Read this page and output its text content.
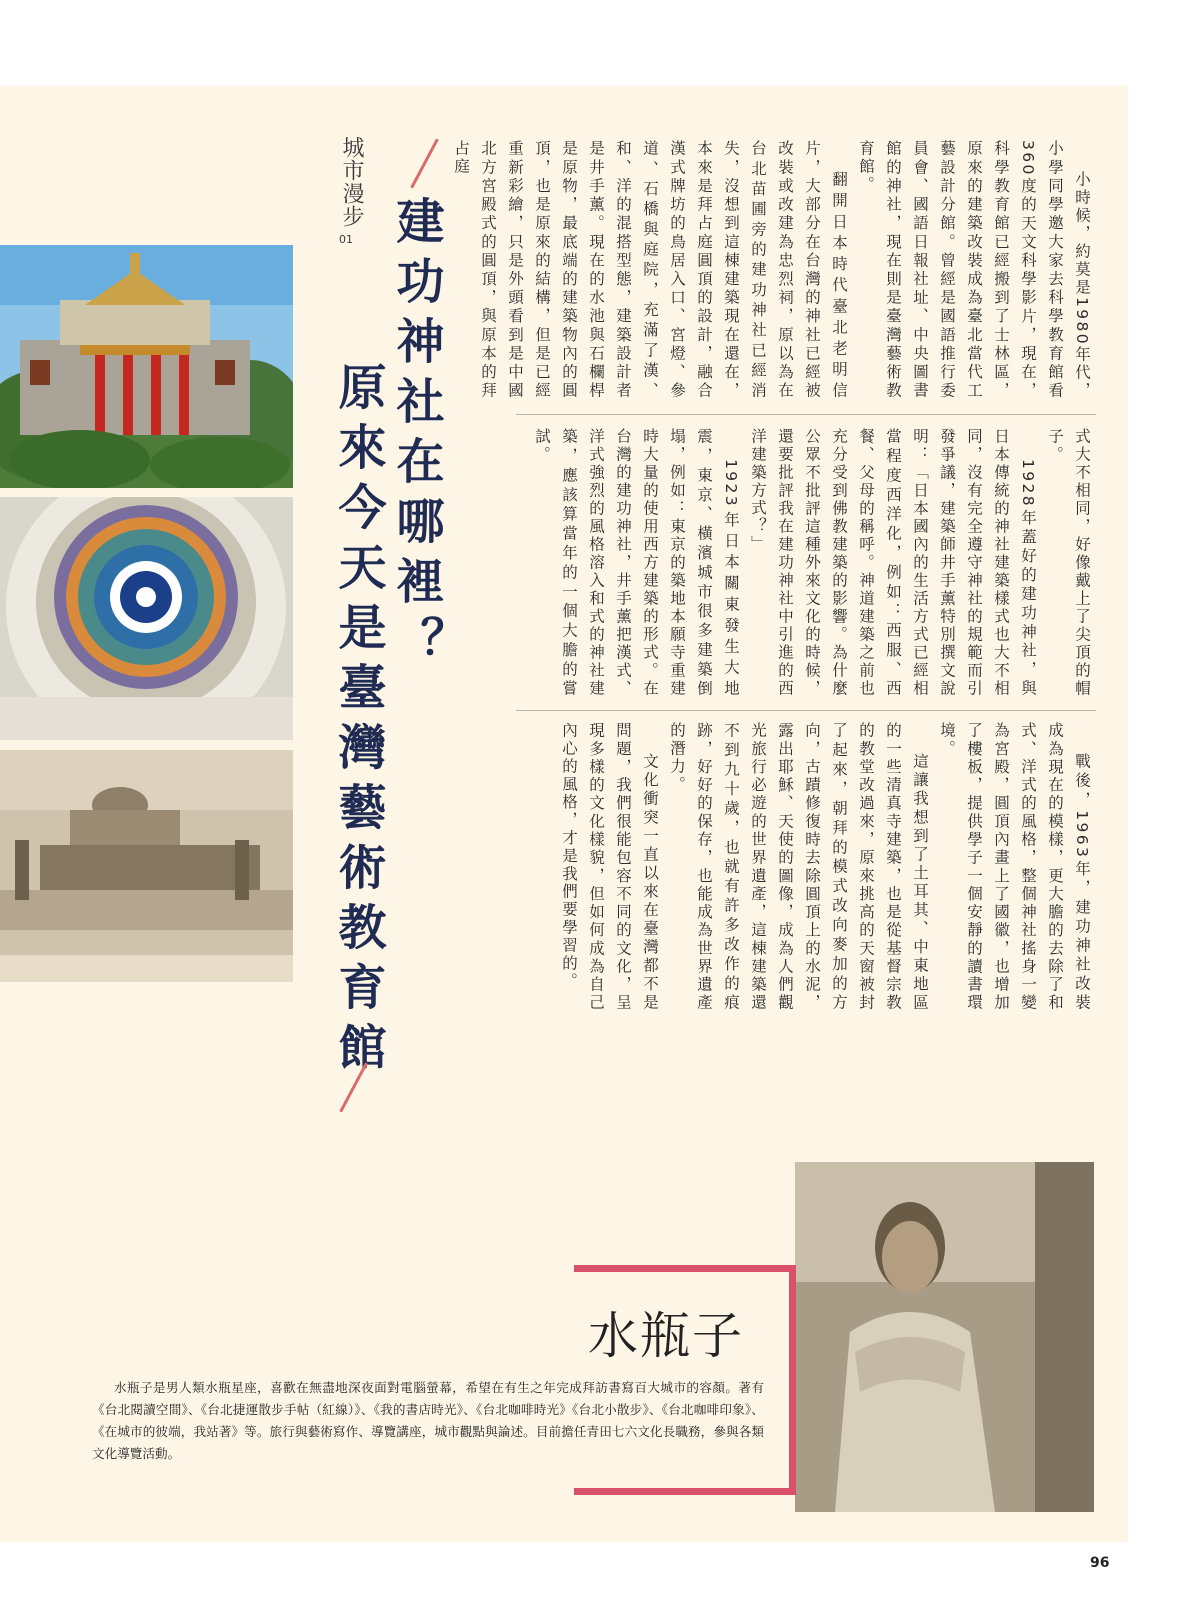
城市漫步
01 建功神社在哪裡？
原來今天是臺灣藝術教育館

小時候，約莫是1980年代，小學同學邀大家去科學教育館看360度的天文科學影片，現在，科學教育館已經搬到了士林區，原來的建築改裝成為臺北當代工藝設計分館。曾經是國語推行委員會、國語日報社址、中央圖書館的神社，現在則是臺灣藝術教育館。

翻開日本時代臺北老明信片，大部分在台灣的神社已經被改裝或改建為忠烈祠，原以為在台北苗圃旁的建功神社已經消失，沒想到這棟建築現在還在，本來是拜占庭圓頂的設計，融合漢式牌坊的鳥居入口、宮燈、參道、石橋與庭院，充滿了漢、和、洋的混搭型態，建築設計者是井手薰。現在的水池與石欄桿是原物，最底端的建築物內的圓頂，也是原來的結構，但是已經重新彩繪，只是外頭看到是中國北方宮殿式的圓頂，與原本的拜占庭

式大不相同，好像戴上了尖頂的帽子。

1928年蓋好的建功神社，與日本傳統的神社建築樣式也大不相同，沒有完全遵守神社的規範而引發爭議，建築師井手薰特別撰文說明：「日本國內的生活方式已經相當程度西洋化，例如：西服、西餐、父母的稱呼。神道建築之前也充分受到佛教建築的影響。為什麼公眾不批評這種外來文化的時候，還要批評我在建功神社中引進的西洋建築方式？」

1923年日本關東發生大地震，東京、橫濱城市很多建築倒塌，例如：東京的築地本願寺重建時大量的使用西方建築的形式。在台灣的建功神社，井手薰把漢式、洋式強烈的風格溶入和式的神社建築，應該算當年的一個大膽的嘗試。

戰後，1963年，建功神社改裝成為現在的模樣，更大膽的去除了和式、洋式的風格，整個神社搖身一變為宮殿，圓頂內畫上了國徽，也增加了樓板，提供學子一個安靜的讀書環境。

這讓我想到了土耳其、中東地區的一些清真寺建築，也是從基督宗教的教堂改過來，原來挑高的天窗被封了起來，朝拜的模式改向麥加的方向，古蹟修復時去除圓頂上的水泥，露出耶穌、天使的圖像，成為人們觀光旅行必遊的世界遺產，這棟建築還不到九十歲，也就有許多改作的痕跡，好好的保存，也能成為世界遺產的潛力。

文化衝突一直以來在臺灣都不是問題，我們很能包容不同的文化，呈現多樣的文化樣貌，但如何成為自己內心的風格，才是我們要學習的。

水瓶子
水瓶子是男人類水瓶星座，喜歡在無盡地深夜面對電腦螢幕，希望在有生之年完成拜訪書寫百大城市的容顏。著有《台北閱讀空間》、《台北捷運散步手帖（紅線）》、《我的書店時光》、《台北咖啡時光》《台北小散步》、《台北咖啡印象》、《在城市的彼端，我站著》等。旅行與藝術寫作、導覽講座，城市觀點與論述。目前擔任青田七六文化長職務，參與各類文化導覽活動。
96
